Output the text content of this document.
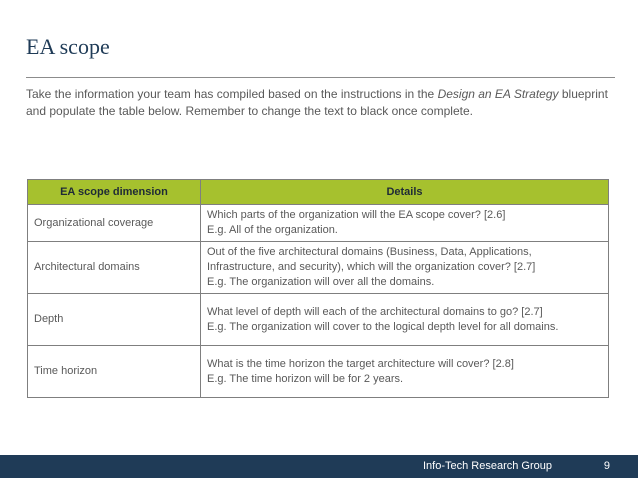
EA scope
Take the information your team has compiled based on the instructions in the Design an EA Strategy blueprint and populate the table below. Remember to change the text to black once complete.
EA scope dimension	Details
Organizational coverage	Which parts of the organization will the EA scope cover? [2.6]
E.g. All of the organization.

Architectural domains	Out of the five architectural domains (Business, Data, Applications,
Infrastructure, and security), which will the organization cover? [2.7]
E.g. The organization will over all the domains.

Depth	What level of depth will each of the architectural domains to go? [2.7]
E.g. The organization will cover to the logical depth level for all domains.

Time horizon	What is the time horizon the target architecture will cover? [2.8]
E.g. The time horizon will be for 2 years.
Info-Tech Research Group	9
